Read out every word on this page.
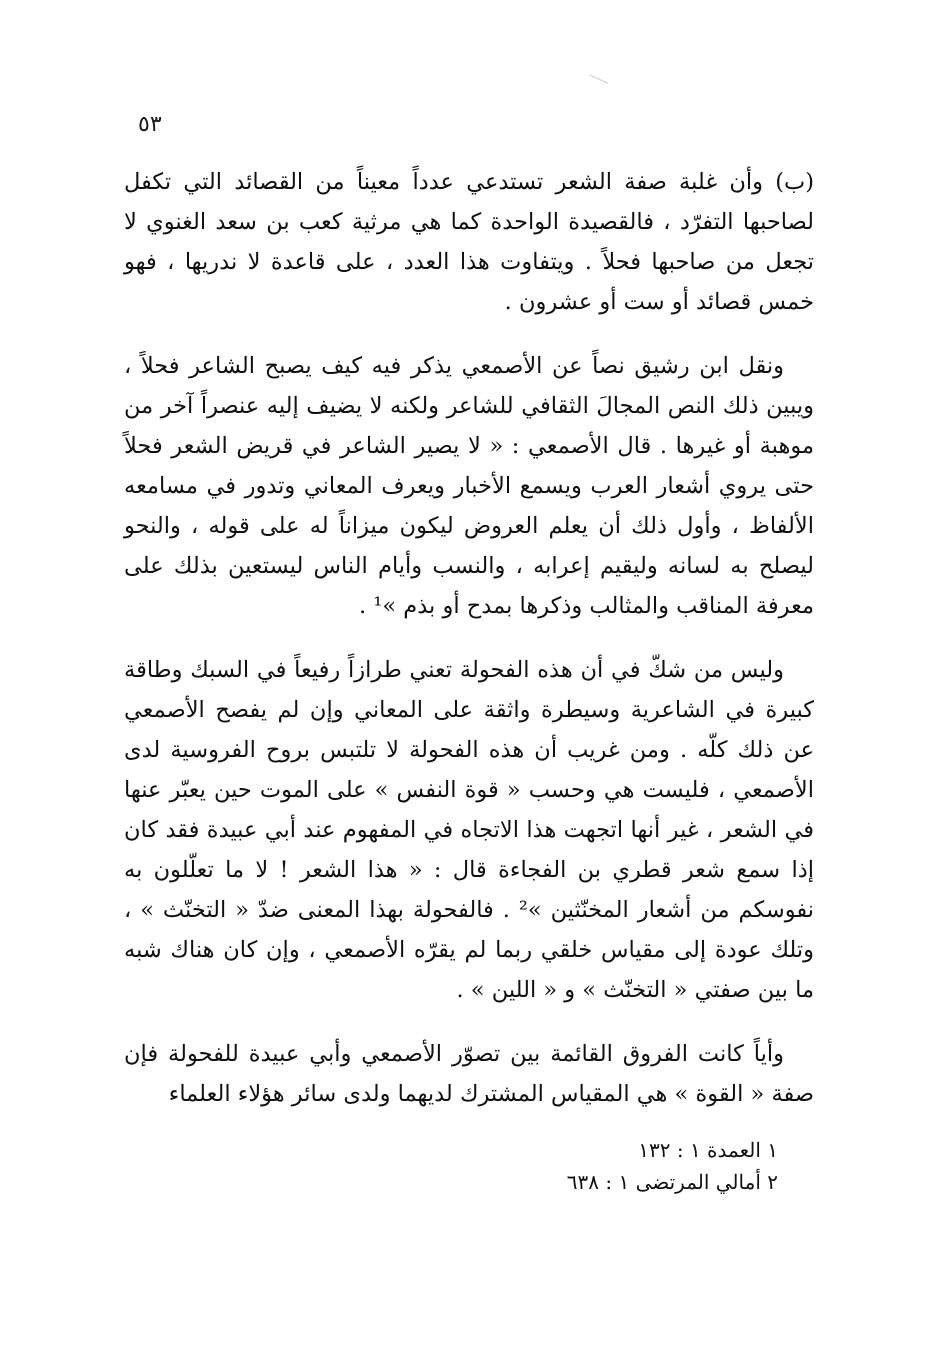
٥٣

(ب) وأن غلبة صفة الشعر تستدعي عدداً معيناً من القصائد التي تكفل لصاحبها التفرّد ، فالقصيدة الواحدة كما هي مرثية كعب بن سعد الغنوي لا تجعل من صاحبها فحلاً . ويتفاوت هذا العدد ، على قاعدة لا ندريها ، فهو خمس قصائد أو ست أو عشرون .

ونقل ابن رشيق نصاً عن الأصمعي يذكر فيه كيف يصبح الشاعر فحلاً ، ويبين ذلك النص المجالَ الثقافي للشاعر ولكنه لا يضيف إليه عنصراً آخر من موهبة أو غيرها . قال الأصمعي : « لا يصير الشاعر في قريض الشعر فحلاً حتى يروي أشعار العرب ويسمع الأخبار ويعرف المعاني وتدور في مسامعه الألفاظ ، وأول ذلك أن يعلم العروض ليكون ميزاناً له على قوله ، والنحو ليصلح به لسانه وليقيم إعرابه ، والنسب وأيام الناس ليستعين بذلك على معرفة المناقب والمثالب وذكرها بمدح أو بذم »¹ .

وليس من شكّ في أن هذه الفحولة تعني طرازاً رفيعاً في السبك وطاقة كبيرة في الشاعرية وسيطرة واثقة على المعاني وإن لم يفصح الأصمعي عن ذلك كلّه . ومن غريب أن هذه الفحولة لا تلتبس بروح الفروسية لدى الأصمعي ، فليست هي وحسب « قوة النفس » على الموت حين يعبّر عنها في الشعر ، غير أنها اتجهت هذا الاتجاه في المفهوم عند أبي عبيدة فقد كان إذا سمع شعر قطري بن الفجاءة قال : « هذا الشعر ! لا ما تعلّلون به نفوسكم من أشعار المخنّثين »² . فالفحولة بهذا المعنى ضدّ « التخنّث » ، وتلك عودة إلى مقياس خلقي ربما لم يقرّه الأصمعي ، وإن كان هناك شبه ما بين صفتي « التخنّث » و « اللين » .

وأياً كانت الفروق القائمة بين تصوّر الأصمعي وأبي عبيدة للفحولة فإن صفة « القوة » هي المقياس المشترك لديهما ولدى سائر هؤلاء العلماء

١ العمدة ١ : ١٣٢

٢ أمالي المرتضى ١ : ٦٣٨
